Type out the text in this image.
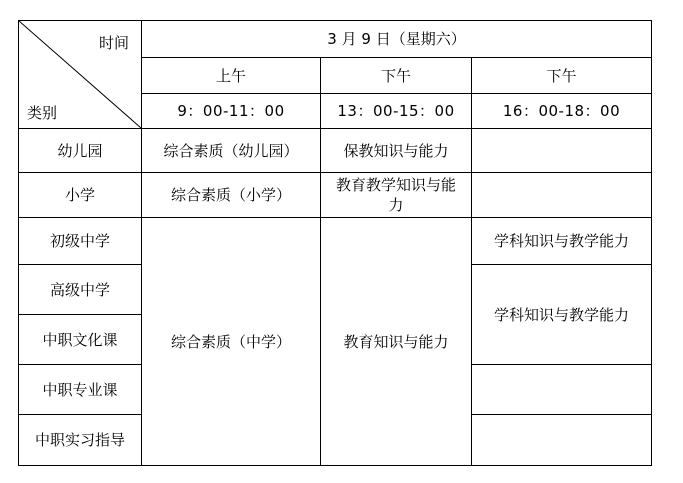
时间
类别	3 月 9 日（星期六）		
	上午	下午	下午
	9：00-11：00	13：00-15：00	16：00-18：00
幼儿园	综合素质（幼儿园）	保教知识与能力	
小学	综合素质（小学）	教育教学知识与能力	

初级中学	综合素质（中学）	教育知识与能力	学科知识与教学能力
高级中学			学科知识与教学能力
中职文化课			
中职专业课			
中职实习指导			
